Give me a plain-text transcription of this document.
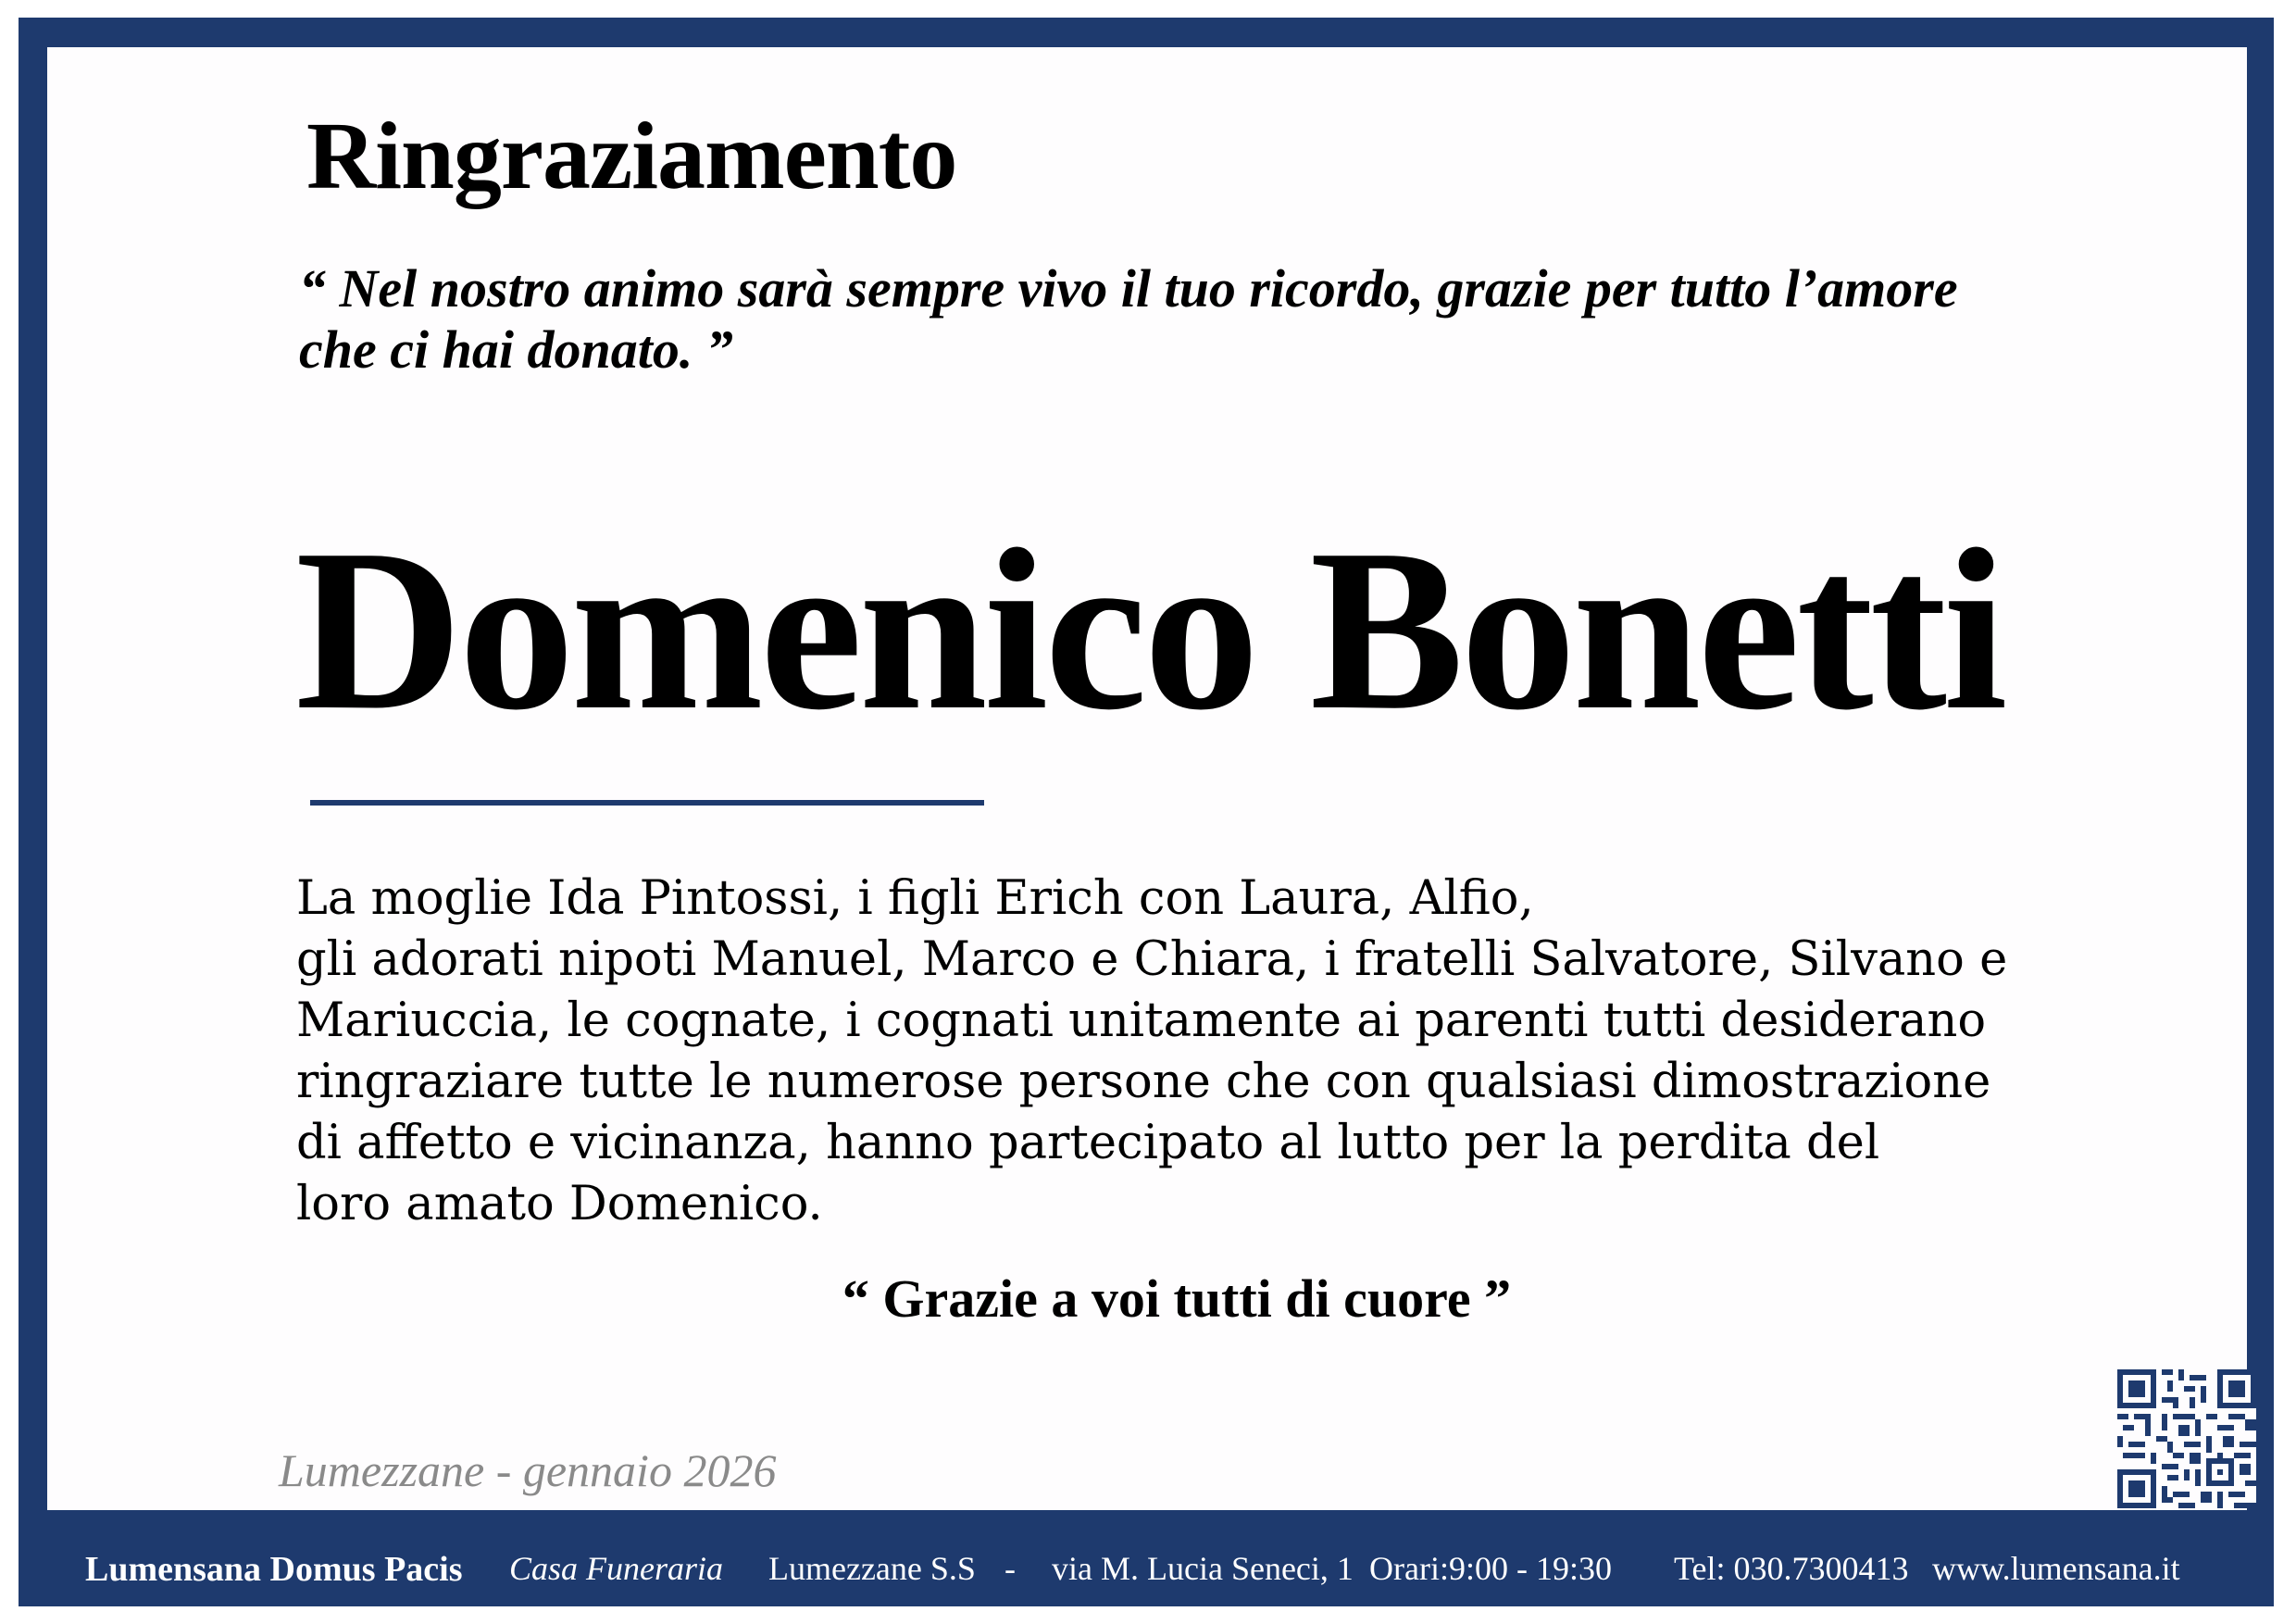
Ringraziamento
“ Nel nostro animo sarà sempre vivo il tuo ricordo, grazie per tutto l’amore
che ci hai donato. ”
Domenico Bonetti
La moglie Ida Pintossi, i figli Erich con Laura, Alfio,
gli adorati nipoti Manuel, Marco e Chiara, i fratelli Salvatore, Silvano e
Mariuccia, le cognate, i cognati unitamente ai parenti tutti desiderano
ringraziare tutte le numerose persone che con qualsiasi dimostrazione
di affetto e vicinanza, hanno partecipato al lutto per la perdita del
loro amato Domenico.
“ Grazie a voi tutti di cuore ”
Lumezzane - gennaio 2026
Lumensana Domus Pacis Casa Funeraria Lumezzane S.S - via M. Lucia Seneci, 1 Orari:9:00 - 19:30 Tel: 030.7300413 www.lumensana.it
